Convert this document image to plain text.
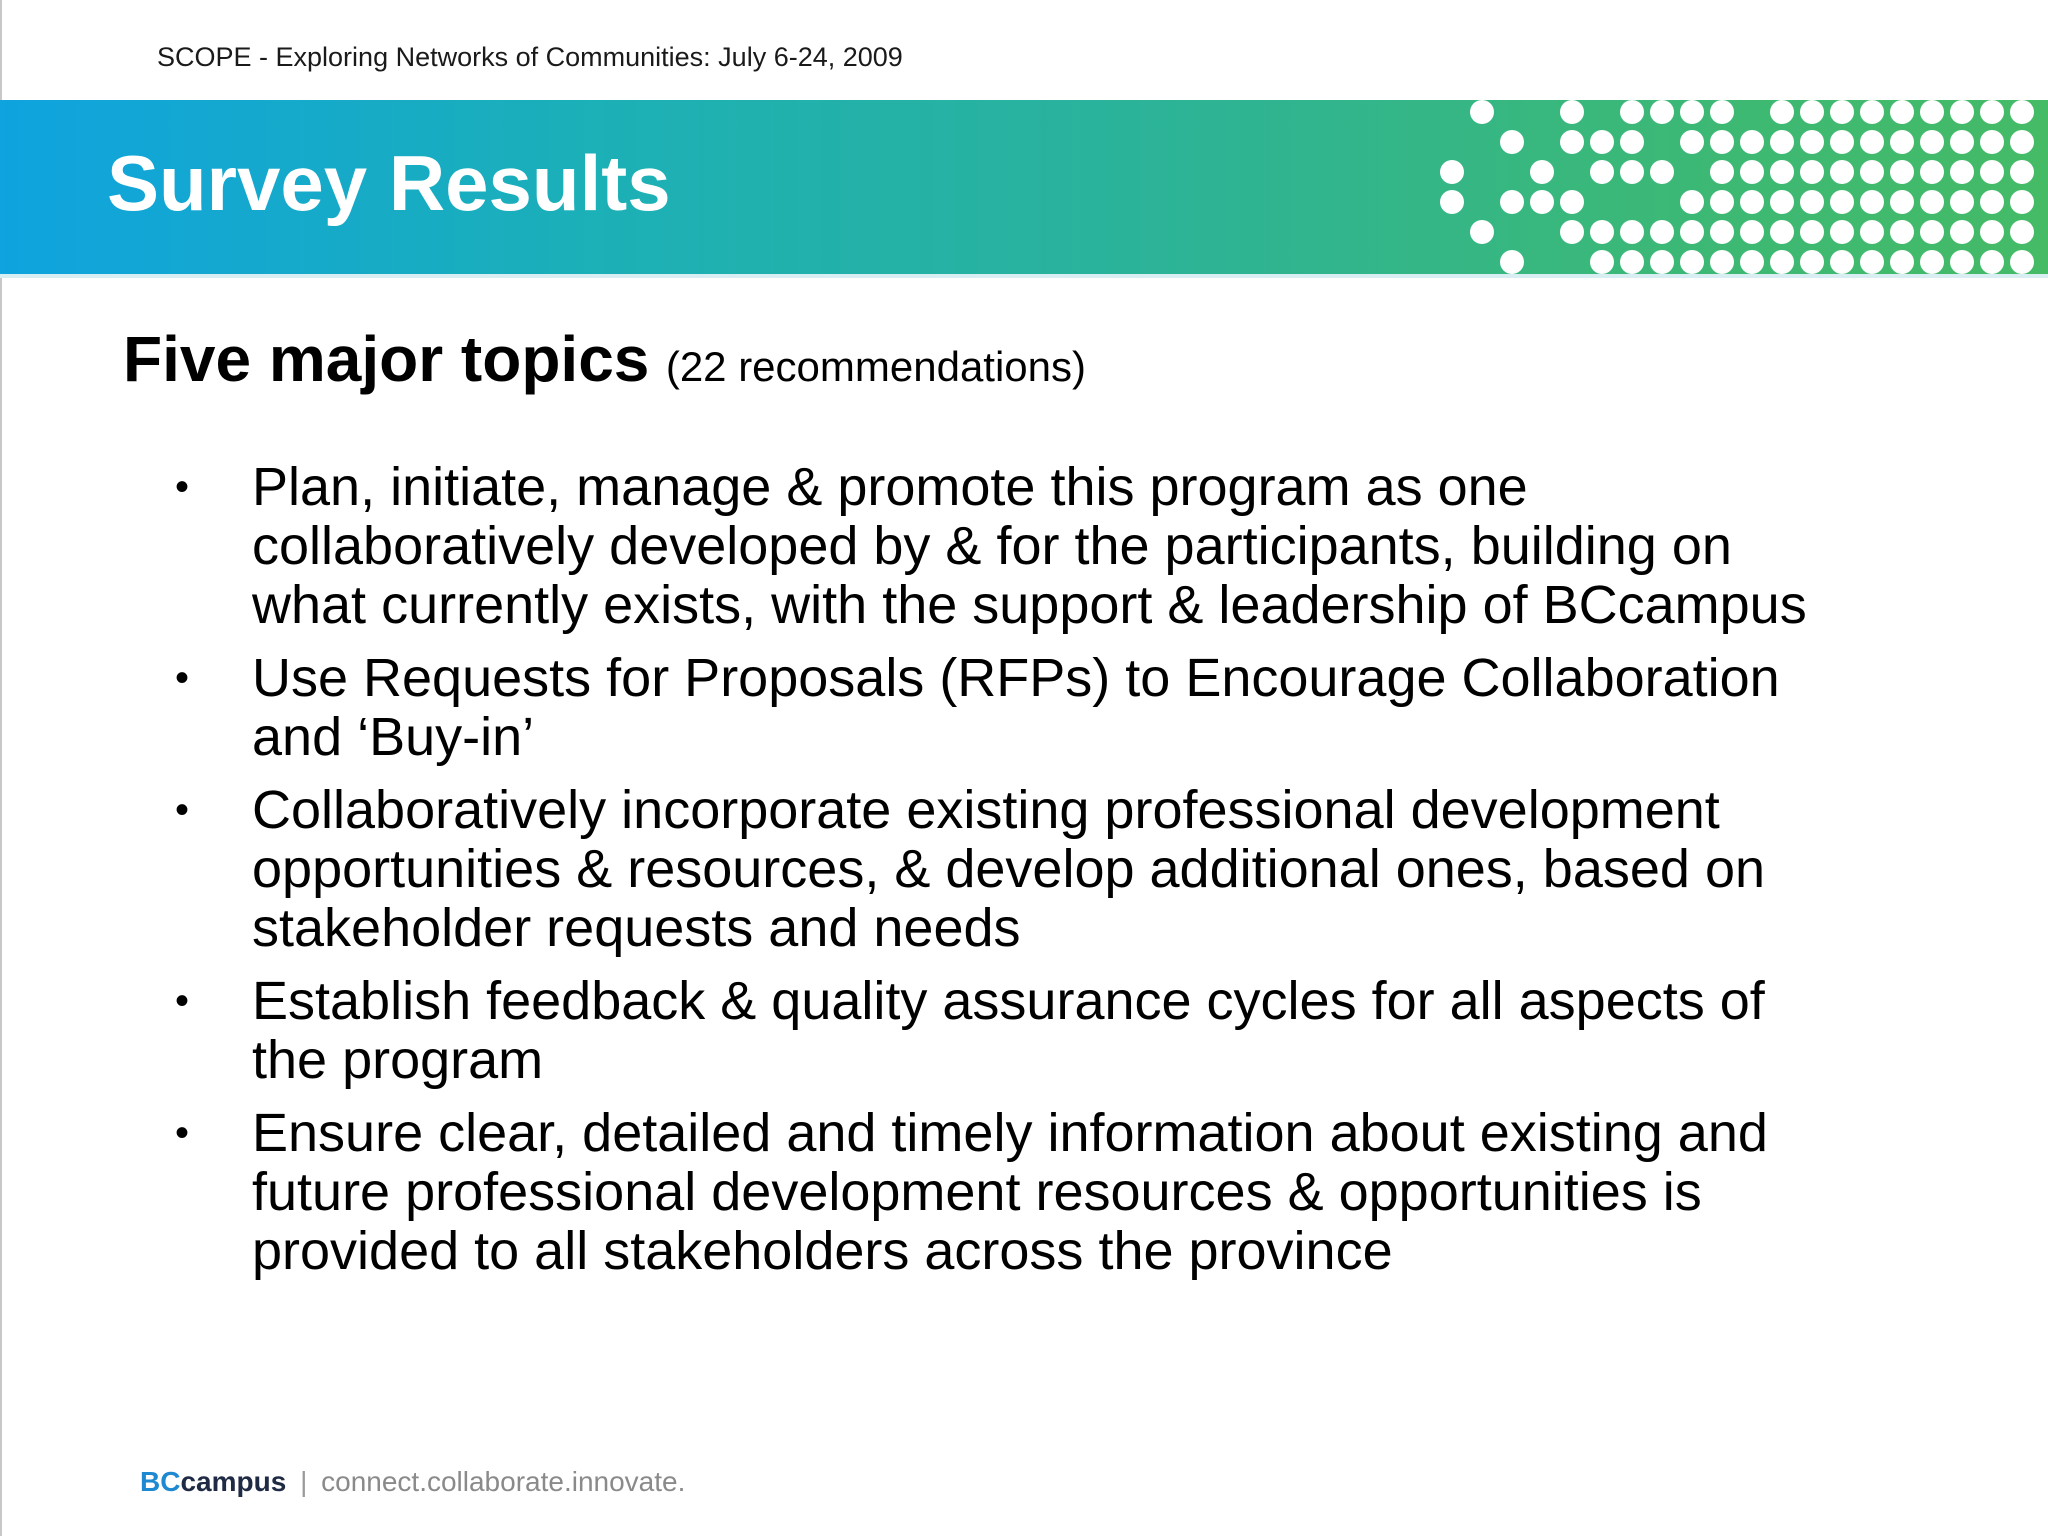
SCOPE - Exploring Networks of Communities: July 6-24, 2009
Survey Results
Five major topics (22 recommendations)
• Plan, initiate, manage & promote this program as one
collaboratively developed by & for the participants, building on
what currently exists, with the support & leadership of BCcampus
• Use Requests for Proposals (RFPs) to Encourage Collaboration
and ‘Buy-in’
• Collaboratively incorporate existing professional development
opportunities & resources, & develop additional ones, based on
stakeholder requests and needs
• Establish feedback & quality assurance cycles for all aspects of
the program
• Ensure clear, detailed and timely information about existing and
future professional development resources & opportunities is
provided to all stakeholders across the province
BCcampus | connect.collaborate.innovate.
